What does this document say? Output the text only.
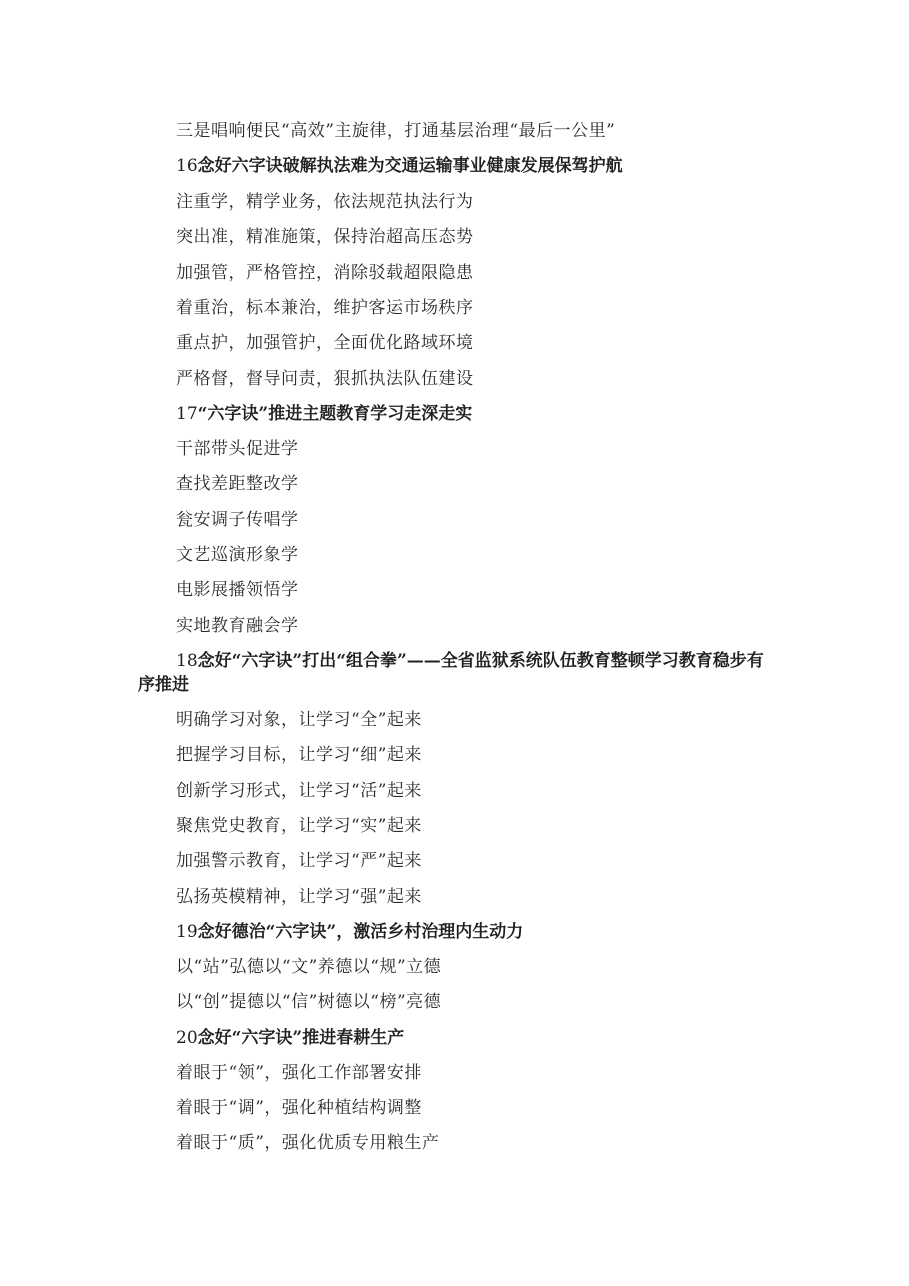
三是唱响便民“高效”主旋律，打通基层治理“最后一公里”
16念好六字诀破解执法难为交通运输事业健康发展保驾护航
注重学，精学业务，依法规范执法行为
突出准，精准施策，保持治超高压态势
加强管，严格管控，消除驳载超限隐患
着重治，标本兼治，维护客运市场秩序
重点护，加强管护，全面优化路域环境
严格督，督导问责，狠抓执法队伍建设
17“六字诀”推进主题教育学习走深走实
干部带头促进学
查找差距整改学
瓮安调子传唱学
文艺巡演形象学
电影展播领悟学
实地教育融会学
18念好“六字诀”打出“组合拳”——全省监狱系统队伍教育整顿学习教育稳步有序推进
明确学习对象，让学习“全”起来
把握学习目标，让学习“细”起来
创新学习形式，让学习“活”起来
聚焦党史教育，让学习“实”起来
加强警示教育，让学习“严”起来
弘扬英模精神，让学习“强”起来
19念好德治“六字诀”，激活乡村治理内生动力
以“站”弘德以“文”养德以“规”立德
以“创”提德以“信”树德以“榜”亮德
20念好“六字诀”推进春耕生产
着眼于“领”，强化工作部署安排
着眼于“调”，强化种植结构调整
着眼于“质”，强化优质专用粮生产
